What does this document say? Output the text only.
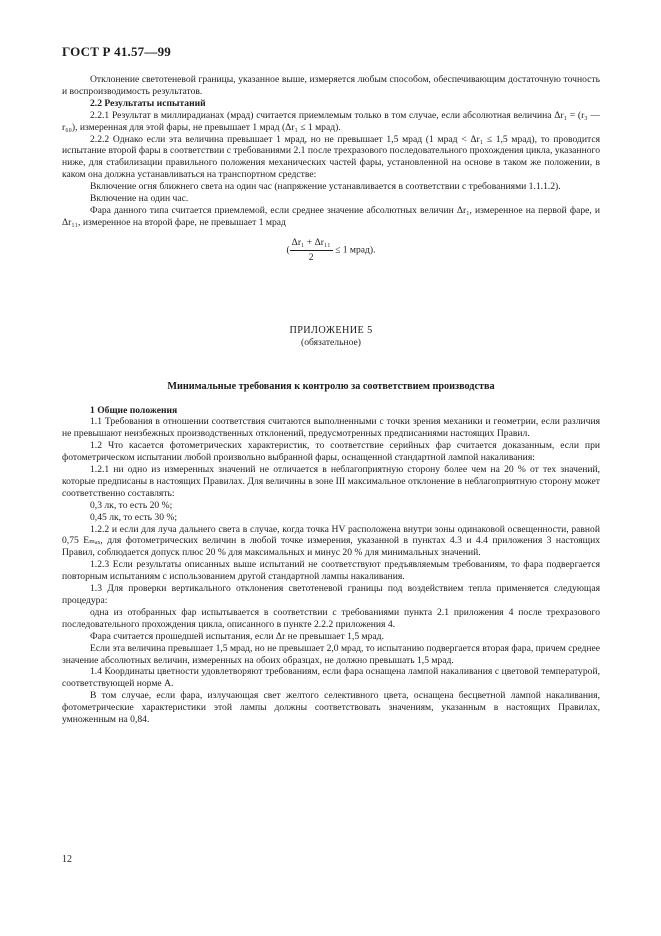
ГОСТ Р 41.57—99

Отклонение светотеневой границы, указанное выше, измеряется любым способом, обеспечивающим достаточную точность и воспроизводимость результатов.

2.2 Результаты испытаний

2.2.1 Результат в миллирадианах (мрад) считается приемлемым только в том случае, если абсолютная величина Δr₁ = (r₃ — r₆₀), измеренная для этой фары, не превышает 1 мрад (Δr₁ ≤ 1 мрад).

2.2.2 Однако если эта величина превышает 1 мрад, но не превышает 1,5 мрад (1 мрад < Δr₁ ≤ 1,5 мрад), то проводится испытание второй фары в соответствии с требованиями 2.1 после трехразового последовательного прохождения цикла, указанного ниже, для стабилизации правильного положения механических частей фары, установленной на основе в таком же положении, в каком она должна устанавливаться на транспортном средстве:

Включение огня ближнего света на один час (напряжение устанавливается в соответствии с требованиями 1.1.1.2).

Включение на один час.

Фара данного типа считается приемлемой, если среднее значение абсолютных величин Δr₁, измеренное на первой фаре, и Δr₁₁, измеренное на второй фаре, не превышает 1 мрад

( $\frac{\text{Δr₁ + Δr₁₁}}{2} \le 1$ мрад).
ПРИЛОЖЕНИЕ 5
(обязательное)
Минимальные требования к контролю за соответствием производства

1 Общие положения

1.1 Требования в отношении соответствия считаются выполненными с точки зрения механики и геометрии, если различия не превышают неизбежных производственных отклонений, предусмотренных предписаниями настоящих Правил.

1.2 Что касается фотометрических характеристик, то соответствие серийных фар считается доказанным, если при фотометрическом испытании любой произвольно выбранной фары, оснащенной стандартной лампой накаливания:

1.2.1 ни одно из измеренных значений не отличается в неблагоприятную сторону более чем на 20 % от тех значений, которые предписаны в настоящих Правилах. Для величины в зоне III максимальное отклонение в неблагоприятную сторону может соответственно составлять:

0,3 лк, то есть 20 %;

0,45 лк, то есть 30 %;

1.2.2 и если для луча дальнего света в случае, когда точка HV расположена внутри зоны одинаковой освещенности, равной 0,75 Eₘₐₓ, для фотометрических величин в любой точке измерения, указанной в пунктах 4.3 и 4.4 приложения 3 настоящих Правил, соблюдается допуск плюс 20 % для максимальных и минус 20 % для минимальных значений.

1.2.3 Если результаты описанных выше испытаний не соответствуют предъявляемым требованиям, то фара подвергается повторным испытаниям с использованием другой стандартной лампы накаливания.

1.3 Для проверки вертикального отклонения светотеневой границы под воздействием тепла применяется следующая процедура:

одна из отобранных фар испытывается в соответствии с требованиями пункта 2.1 приложения 4 после трехразового последовательного прохождения цикла, описанного в пункте 2.2.2 приложения 4.

Фара считается прошедшей испытания, если Δr не превышает 1,5 мрад.

Если эта величина превышает 1,5 мрад, но не превышает 2,0 мрад, то испытанию подвергается вторая фара, причем среднее значение абсолютных величин, измеренных на обоих образцах, не должно превышать 1,5 мрад.

1.4 Координаты цветности удовлетворяют требованиям, если фара оснащена лампой накаливания с цветовой температурой, соответствующей норме А.

В том случае, если фара, излучающая свет желтого селективного цвета, оснащена бесцветной лампой накаливания, фотометрические характеристики этой лампы должны соответствовать значениям, указанным в настоящих Правилах, умноженным на 0,84.

12
